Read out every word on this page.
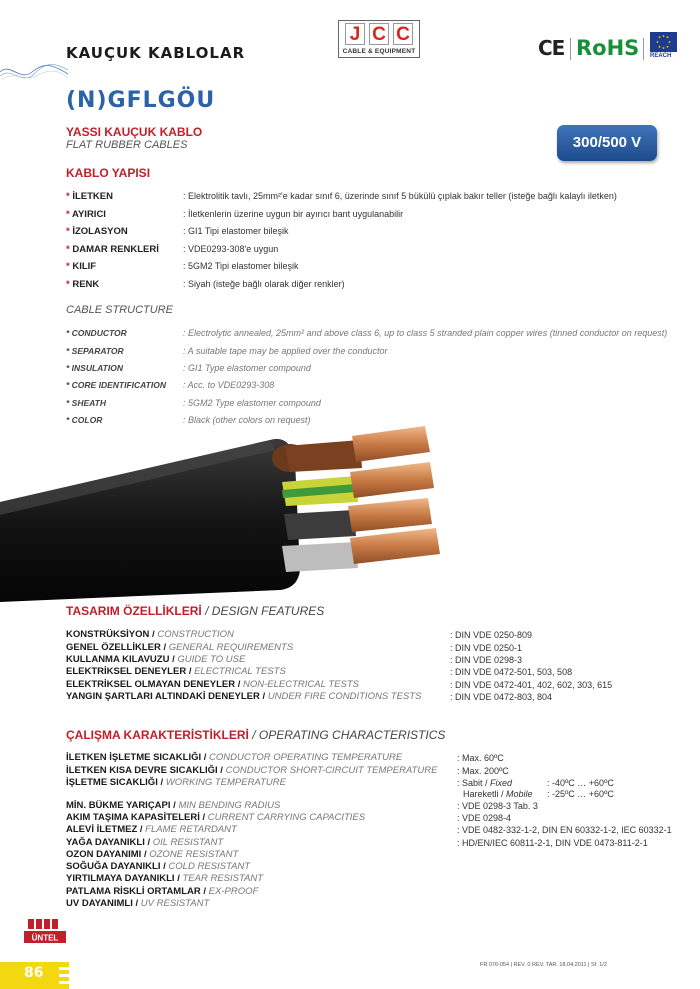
KAUÇUK KABLOLAR
J C C
CABLE & EQUIPMENT	CE RoHS REACH
(N)GFLGÖU
YASSI KAUÇUK KABLO
FLAT RUBBER CABLES	300/500 V
KABLO YAPISI
* İLETKEN	: Elektrolitik tavlı, 25mm²'e kadar sınıf 6, üzerinde sınıf 5 bükülü çıplak bakır teller (isteğe bağlı kalaylı iletken)
* AYIRICI	: İletkenlerin üzerine uygun bir ayırıcı bant uygulanabilir
* İZOLASYON	: GI1 Tipi elastomer bileşik
* DAMAR RENKLERİ	: VDE0293-308'e uygun
* KILIF	: 5GM2 Tipi elastomer bileşik
* RENK	: Siyah (isteğe bağlı olarak diğer renkler)
CABLE STRUCTURE
* CONDUCTOR	: Electrolytic annealed, 25mm² and above class 6, up to class 5 stranded plain copper wires (tinned conductor on request)
* SEPARATOR	: A suitable tape may be applied over the conductor
* INSULATION	: GI1 Type elastomer compound
* CORE IDENTIFICATION : Acc. to VDE0293-308
* SHEATH	: 5GM2 Type elastomer compound
* COLOR	: Black (other colors on request)
TASARIM ÖZELLİKLERİ / DESIGN FEATURES
KONSTRÜKSİYON / CONSTRUCTION	: DIN VDE 0250-809
GENEL ÖZELLİKLER / GENERAL REQUIREMENTS	: DIN VDE 0250-1
KULLANMA KILAVUZU / GUIDE TO USE	: DIN VDE 0298-3
ELEKTRİKSEL DENEYLER / ELECTRICAL TESTS	: DIN VDE 0472-501, 503, 508
ELEKTRİKSEL OLMAYAN DENEYLER / NON-ELECTRICAL TESTS	: DIN VDE 0472-401, 402, 602, 303, 615
YANGIN ŞARTLARI ALTINDAKİ DENEYLER / UNDER FIRE CONDITIONS TESTS	: DIN VDE 0472-803, 804
ÇALIŞMA KARAKTERİSTİKLERİ / OPERATING CHARACTERISTICS
İLETKEN İŞLETME SICAKLIĞI / CONDUCTOR OPERATING TEMPERATURE	: Max. 60ºC
İLETKEN KISA DEVRE SICAKLIĞI / CONDUCTOR SHORT-CIRCUIT TEMPERATURE : Max. 200ºC
İŞLETME SICAKLIĞI / WORKING TEMPERATURE	: Sabit / Fixed	: -40ºC … +60ºC
Hareketli / Mobile : -25ºC … +60ºC
MİN. BÜKME YARIÇAPI / MIN BENDING RADIUS	: VDE 0298-3 Tab. 3
AKIM TAŞIMA KAPASİTELERİ / CURRENT CARRYING CAPACITIES	: VDE 0298-4
ALEVİ İLETMEZ / FLAME RETARDANT	: VDE 0482-332-1-2, DIN EN 60332-1-2, IEC 60332-1
YAĞA DAYANIKLI / OIL RESISTANT	: HD/EN/IEC 60811-2-1, DIN VDE 0473-811-2-1
OZON DAYANIMI / OZONE RESISTANT
SOĞUĞA DAYANIKLI / COLD RESISTANT
YIRTILMAYA DAYANIKLI / TEAR RESISTANT
PATLAMA RİSKLİ ORTAMLAR / EX-PROOF
UV DAYANIMLI / UV RESISTANT
ÜNTEL
86	FR 076-054 | REV. 0 REV. TAR. 18.04.2011 | Sf. 1/2
